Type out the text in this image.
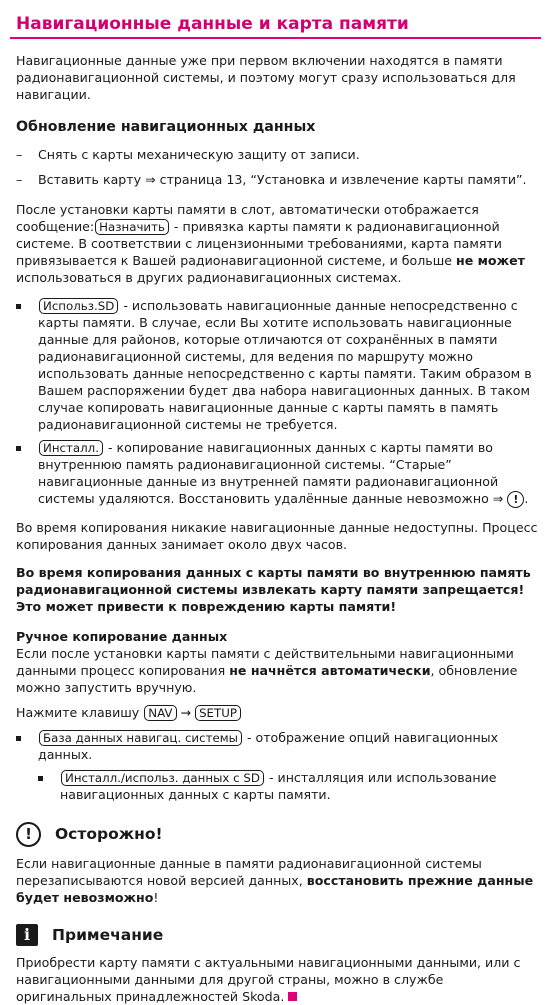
Навигационные данные и карта памяти

Навигационные данные уже при первом включении находятся в памяти радионавигационной системы, и поэтому могут сразу использоваться для навигации.

Обновление навигационных данных
– Снять с карты механическую защиту от записи.
– Вставить карту ⇒ страница 13, “Установка и извлечение карты памяти”.

После установки карты памяти в слот, автоматически отображается сообщение: Назначить - привязка карты памяти к радионавигационной системе. В соответствии с лицензионными требованиями, карта памяти привязывается к Вашей радионавигационной системе, и больше не может использоваться в других радионавигационных системах.

Использ.SD - использовать навигационные данные непосредственно с карты памяти. В случае, если Вы хотите использовать навигационные данные для районов, которые отличаются от сохранённых в памяти радионавигационной системы, для ведения по маршруту можно использовать данные непосредственно с карты памяти. Таким образом в Вашем распоряжении будет два набора навигационных данных. В таком случае копировать навигационные данные с карты память в память радионавигационной системы не требуется.
Инсталл. - копирование навигационных данных с карты памяти во внутреннюю память радионавигационной системы. “Старые” навигационные данные из внутренней памяти радионавигационной системы удаляются. Восстановить удалённые данные невозможно ⇒ ! .

Во время копирования никакие навигационные данные недоступны. Процесс копирования данных занимает около двух часов.

Во время копирования данных с карты памяти во внутреннюю память радионавигационной системы извлекать карту памяти запрещается! Это может привести к повреждению карты памяти!

Ручное копирование данных

Если после установки карты памяти с действительными навигационными данными процесс копирования не начнётся автоматически, обновление можно запустить вручную.

Нажмите клавишу NAV → SETUP

База данных навигац. системы - отображение опций навигационных данных.
Инсталл./использ. данных с SD - инсталляция или использование навигационных данных с карты памяти.
!	Осторожно!

Если навигационные данные в памяти радионавигационной системы перезаписываются новой версией данных, восстановить прежние данные будет невозможно!

i	Примечание

Приобрести карту памяти с актуальными навигационными данными, или с навигационными данными для другой страны, можно в службе оригинальных принадлежностей Skoda.
